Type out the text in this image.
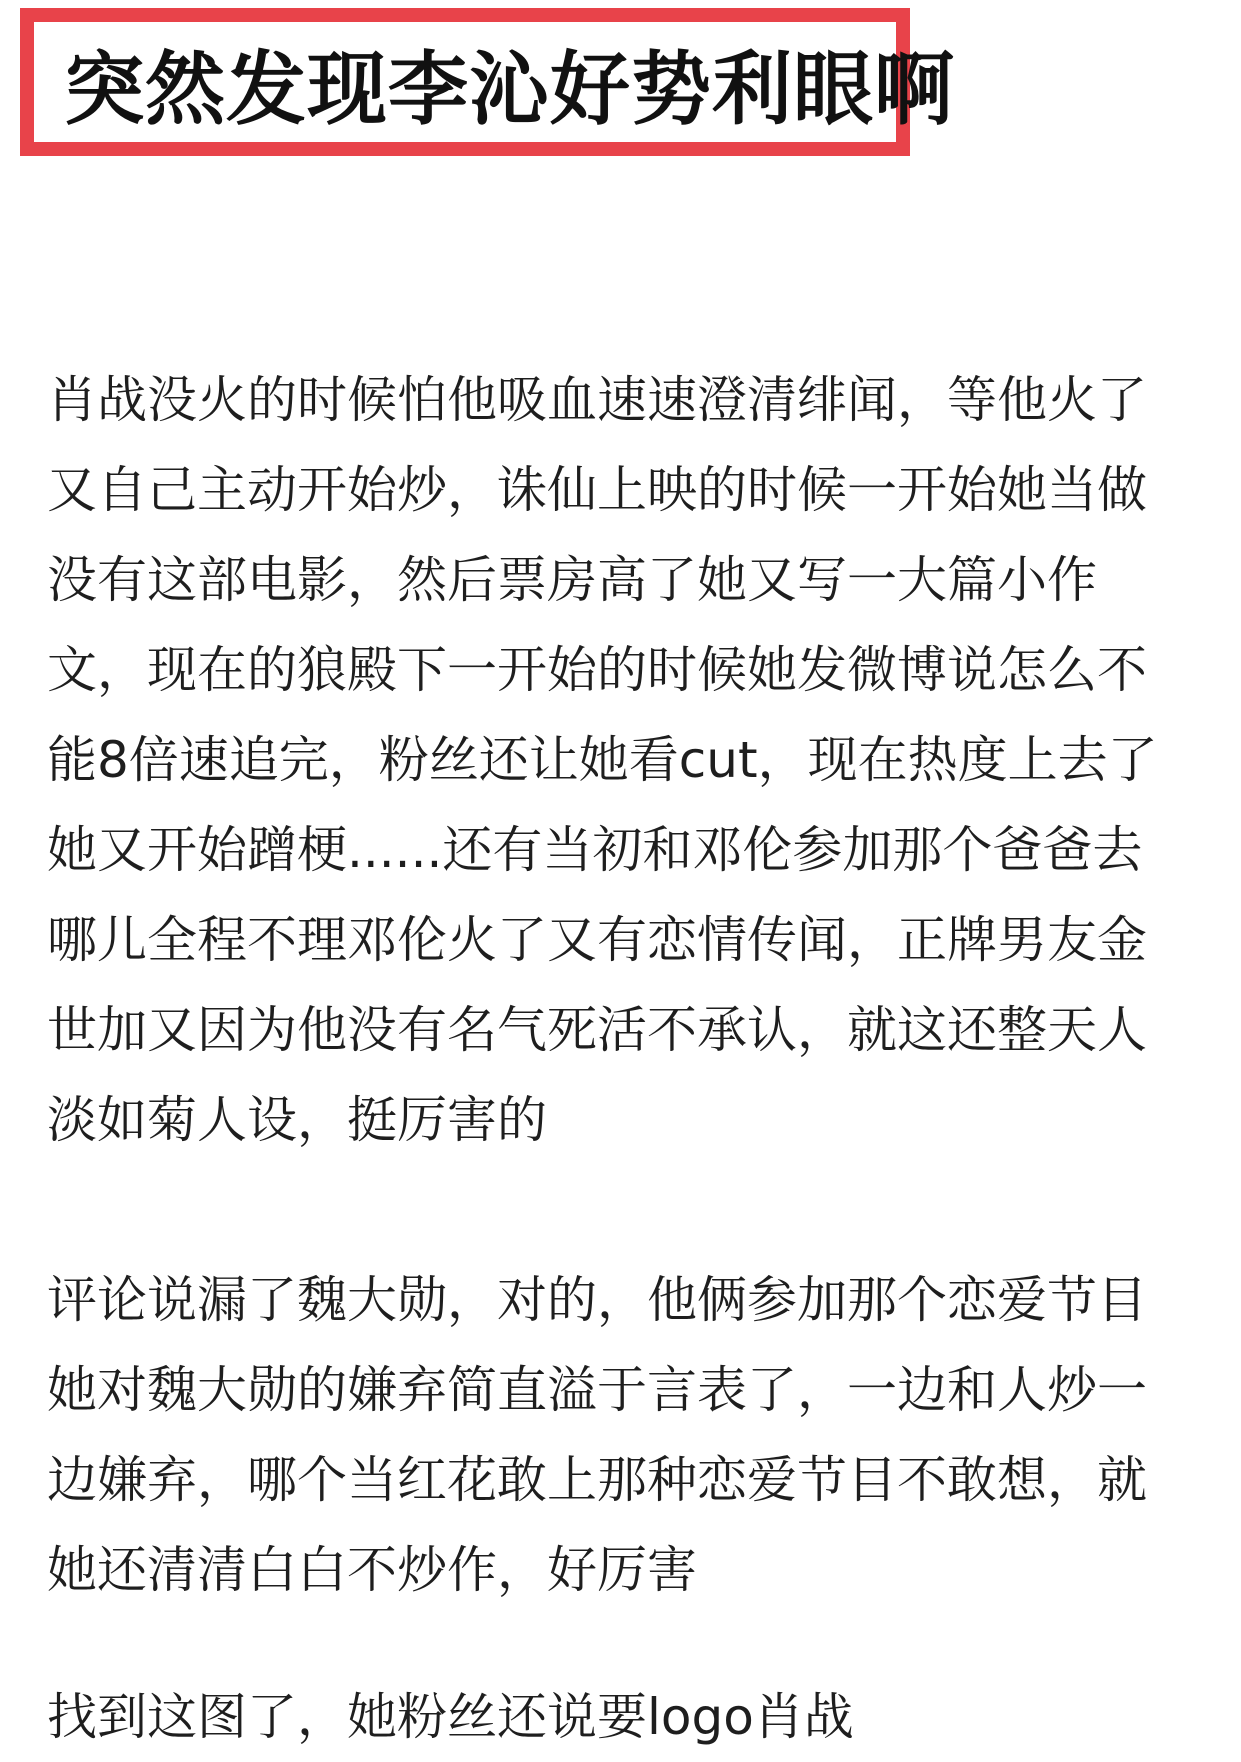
突然发现李沁好势利眼啊

肖战没火的时候怕他吸血速速澄清绯闻，等他火了
又自己主动开始炒，诛仙上映的时候一开始她当做
没有这部电影，然后票房高了她又写一大篇小作
文，现在的狼殿下一开始的时候她发微博说怎么不
能8倍速追完，粉丝还让她看cut，现在热度上去了
她又开始蹭梗......还有当初和邓伦参加那个爸爸去
哪儿全程不理邓伦火了又有恋情传闻，正牌男友金
世加又因为他没有名气死活不承认，就这还整天人
淡如菊人设，挺厉害的

评论说漏了魏大勋，对的，他俩参加那个恋爱节目
她对魏大勋的嫌弃简直溢于言表了，一边和人炒一
边嫌弃，哪个当红花敢上那种恋爱节目不敢想，就
她还清清白白不炒作，好厉害

找到这图了，她粉丝还说要logo肖战
